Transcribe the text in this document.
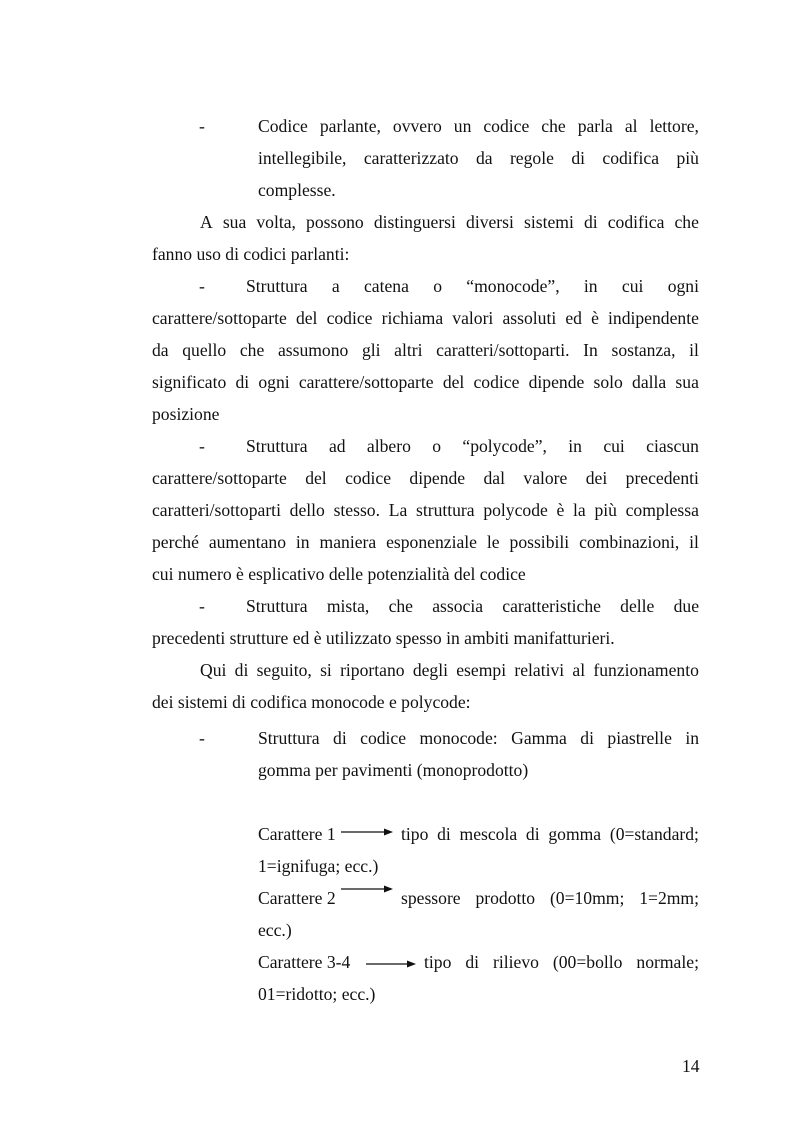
-	Codice parlante, ovvero un codice che parla al lettore,
intellegibile, caratterizzato da regole di codifica più
complesse.
A sua volta, possono distinguersi diversi sistemi di codifica che
fanno uso di codici parlanti:
- Struttura a catena o “monocode”, in cui ogni
carattere/sottoparte del codice richiama valori assoluti ed è indipendente
da quello che assumono gli altri caratteri/sottoparti. In sostanza, il
significato di ogni carattere/sottoparte del codice dipende solo dalla sua
posizione
- Struttura ad albero o “polycode”, in cui ciascun
carattere/sottoparte del codice dipende dal valore dei precedenti
caratteri/sottoparti dello stesso. La struttura polycode è la più complessa
perché aumentano in maniera esponenziale le possibili combinazioni, il
cui numero è esplicativo delle potenzialità del codice
- Struttura mista, che associa caratteristiche delle due
precedenti strutture ed è utilizzato spesso in ambiti manifatturieri.
Qui di seguito, si riportano degli esempi relativi al funzionamento
dei sistemi di codifica monocode e polycode:
-	Struttura di codice monocode: Gamma di piastrelle in
gomma per pavimenti (monoprodotto)
Carattere 1	tipo di mescola di gomma (0=standard;
1=ignifuga; ecc.)
Carattere 2	spessore prodotto (0=10mm; 1=2mm;
ecc.)
Carattere 3-4	tipo di rilievo (00=bollo normale;
01=ridotto; ecc.)
14
